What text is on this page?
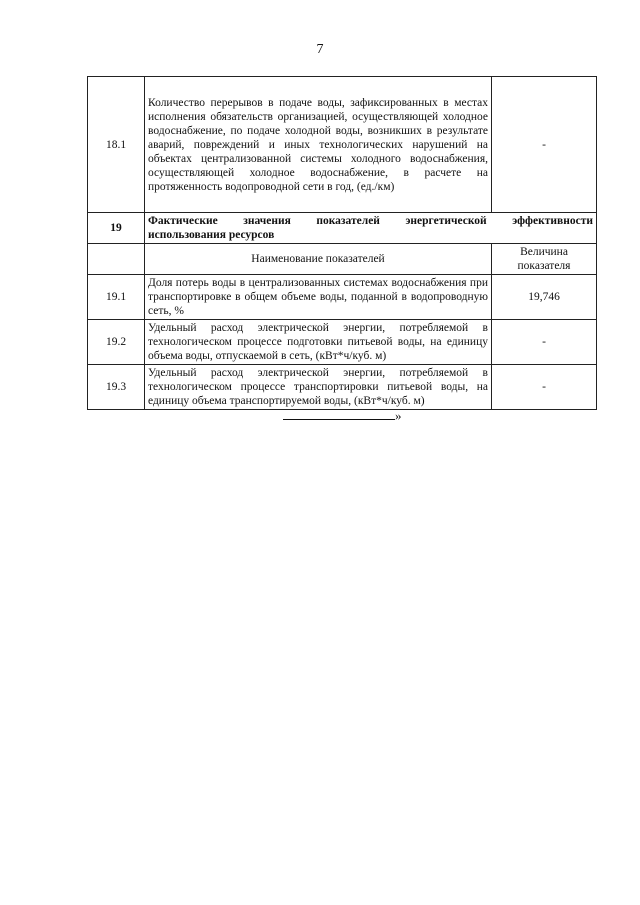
7
18.1	Количество перерывов в подаче воды, зафиксированных в местах исполнения обязательств организацией, осуществляющей холодное водоснабжение, по подаче холодной воды, возникших в результате аварий, повреждений и иных технологических нарушений на объектах централизованной системы холодного водоснабжения, осуществляющей холодное водоснабжение, в расчете на протяженность водопроводной сети в год, (ед./км)	-
19	Фактические значения показателей энергетической эффективности
использования ресурсов	

	Наименование показателей	Величина показателя
19.1	Доля потерь воды в централизованных системах водоснабжения при транспортировке в общем объеме воды, поданной в водопроводную сеть, %	19,746
19.2	Удельный расход электрической энергии, потребляемой в технологическом процессе подготовки питьевой воды, на единицу объема воды, отпускаемой в сеть, (кВт*ч/куб. м)	-
19.3	Удельный расход электрической энергии, потребляемой в технологическом процессе транспортировки питьевой воды, на единицу объема транспортируемой воды, (кВт*ч/куб. м)	-
»
